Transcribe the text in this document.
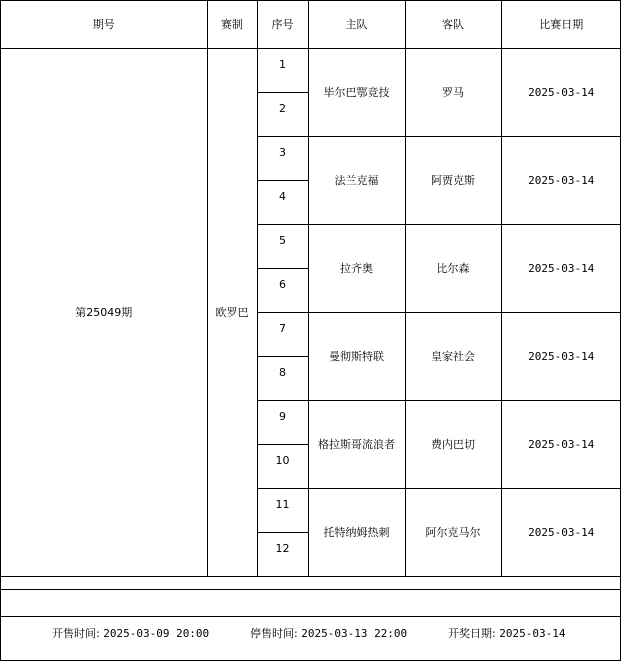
期号	赛制	序号	主队	客队	比赛日期
第25049期	欧罗巴	1	毕尔巴鄂竞技	罗马	2025-03-14
		2			
		3	法兰克福	阿贾克斯	2025-03-14
		4			
		5	拉齐奥	比尔森	2025-03-14
		6			
		7	曼彻斯特联	皇家社会	2025-03-14
		8			
		9	格拉斯哥流浪者	费内巴切	2025-03-14
		10			
		11	托特纳姆热刺	阿尔克马尔	2025-03-14
		12			
开售时间: 2025-03-09 20:00	停售时间: 2025-03-13 22:00	开奖日期: 2025-03-14
